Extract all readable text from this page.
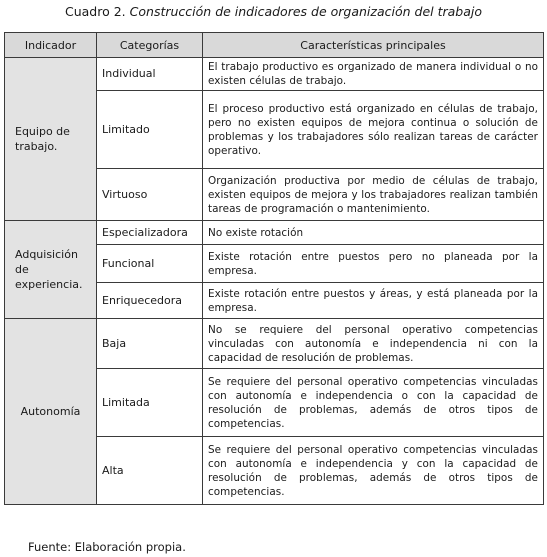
Cuadro 2. Construcción de indicadores de organización del trabajo
Indicador	Categorías	Características principales
Equipo de trabajo.	Individual	El trabajo productivo es organizado de manera individual o no existen células de trabajo.
	Limitado	El proceso productivo está organizado en células de trabajo, pero no existen equipos de mejora continua o solución de problemas y los trabajadores sólo realizan tareas de carácter operativo.
	Virtuoso	Organización productiva por medio de células de trabajo, existen equipos de mejora y los trabajadores realizan también tareas de programación o mantenimiento.
Adquisición de experiencia.	Especializadora	No existe rotación
	Funcional	Existe rotación entre puestos pero no planeada por la empresa.
	Enriquecedora	Existe rotación entre puestos y áreas, y está planeada por la empresa.
Autonomía	Baja	No se requiere del personal operativo competencias vinculadas con autonomía e independencia ni con la capacidad de resolución de problemas.
	Limitada	Se requiere del personal operativo competencias vinculadas con autonomía e independencia o con la capacidad de resolución de problemas, además de otros tipos de competencias.
	Alta	Se requiere del personal operativo competencias vinculadas con autonomía e independencia y con la capacidad de resolución de problemas, además de otros tipos de competencias.
Fuente: Elaboración propia.
